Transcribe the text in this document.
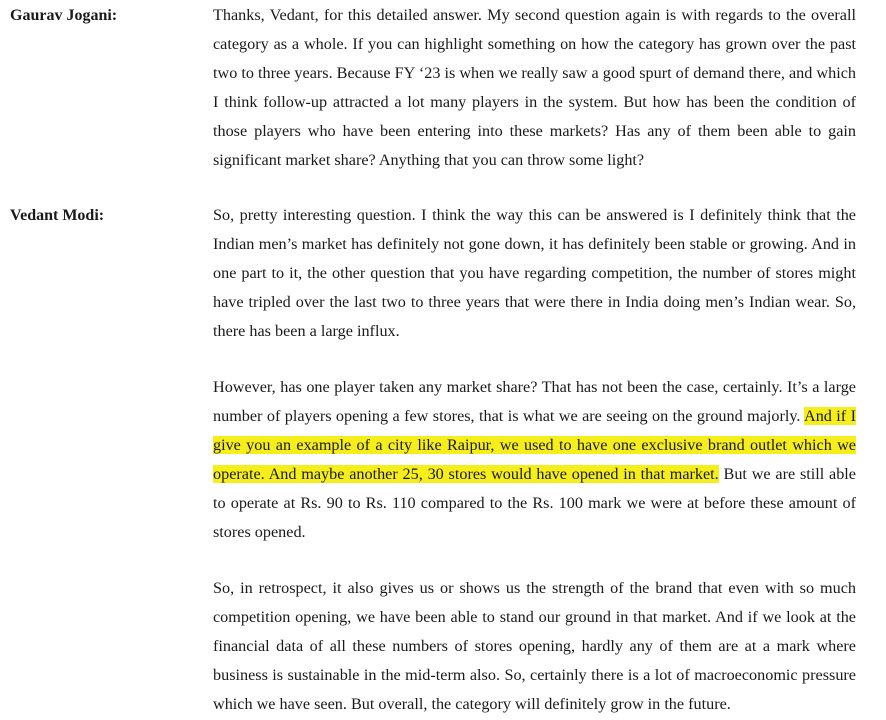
Gaurav Jogani:	Thanks, Vedant, for this detailed answer. My second question again is with regards to the overall category as a whole. If you can highlight something on how the category has grown over the past two to three years. Because FY ‘23 is when we really saw a good spurt of demand there, and which I think follow-up attracted a lot many players in the system. But how has been the condition of those players who have been entering into these markets? Has any of them been able to gain significant market share? Anything that you can throw some light?

Vedant Modi:	So, pretty interesting question. I think the way this can be answered is I definitely think that the Indian men’s market has definitely not gone down, it has definitely been stable or growing. And in one part to it, the other question that you have regarding competition, the number of stores might have tripled over the last two to three years that were there in India doing men’s Indian wear. So, there has been a large influx.

However, has one player taken any market share? That has not been the case, certainly. It’s a large number of players opening a few stores, that is what we are seeing on the ground majorly. And if I give you an example of a city like Raipur, we used to have one exclusive brand outlet which we operate. And maybe another 25, 30 stores would have opened in that market. But we are still able to operate at Rs. 90 to Rs. 110 compared to the Rs. 100 mark we were at before these amount of stores opened.

So, in retrospect, it also gives us or shows us the strength of the brand that even with so much competition opening, we have been able to stand our ground in that market. And if we look at the financial data of all these numbers of stores opening, hardly any of them are at a mark where business is sustainable in the mid-term also. So, certainly there is a lot of macroeconomic pressure which we have seen. But overall, the category will definitely grow in the future.
